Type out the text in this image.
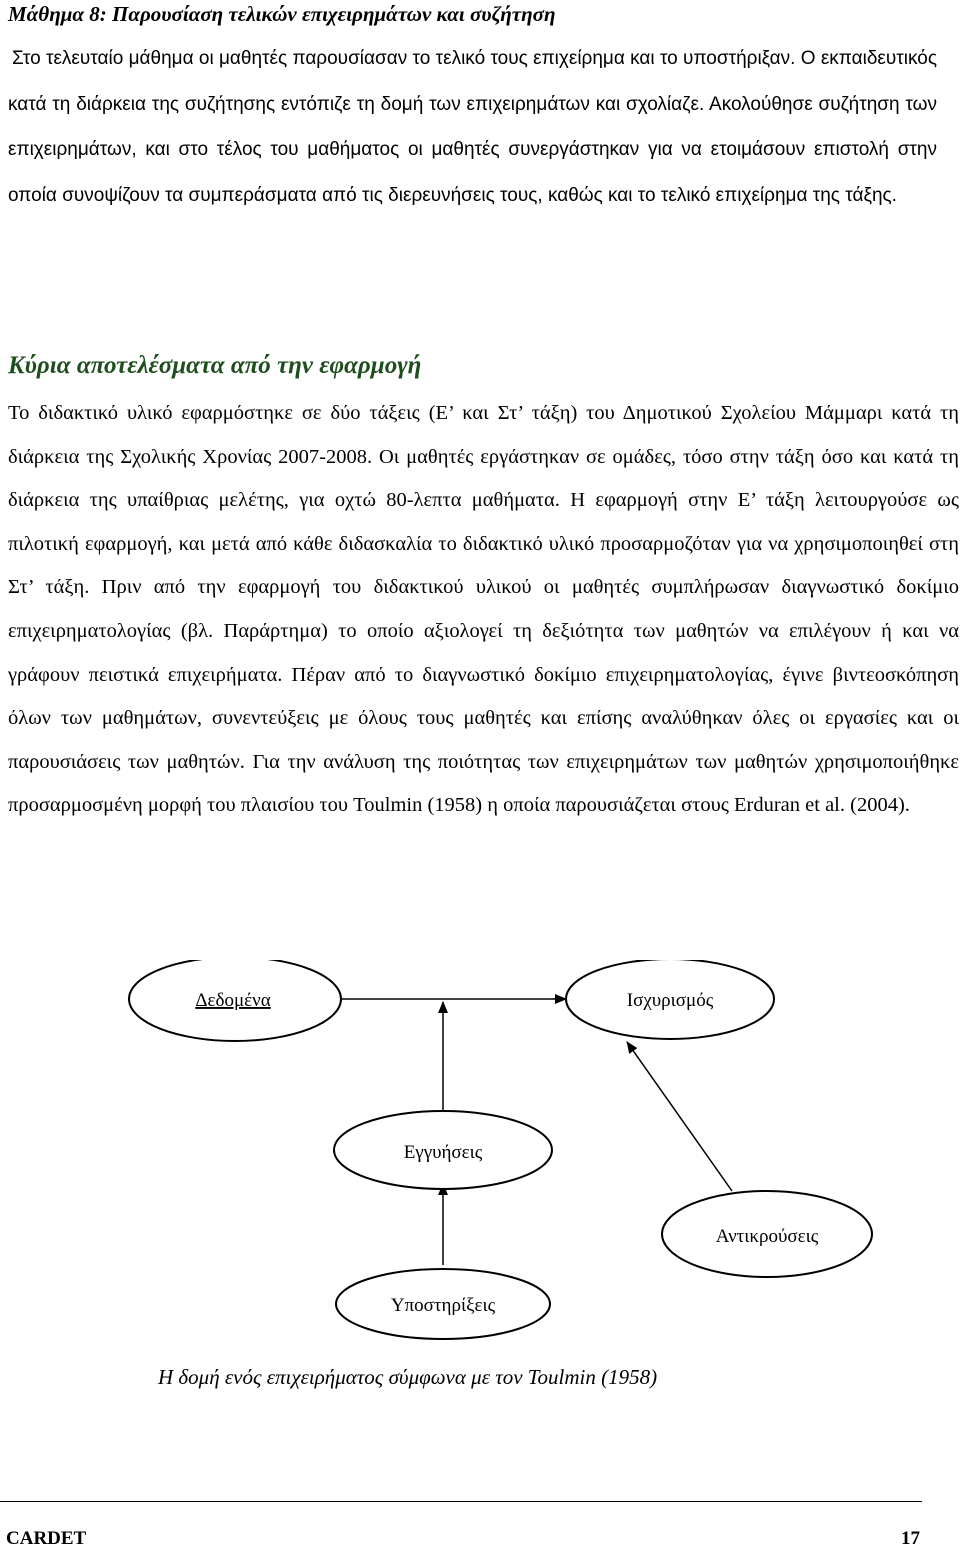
Μάθημα 8: Παρουσίαση τελικών επιχειρημάτων και συζήτηση

Στο τελευταίο μάθημα οι μαθητές παρουσίασαν το τελικό τους επιχείρημα και το υποστήριξαν. Ο εκπαιδευτικός κατά τη διάρκεια της συζήτησης εντόπιζε τη δομή των επιχειρημάτων και σχολίαζε. Ακολούθησε συζήτηση των επιχειρημάτων, και στο τέλος του μαθήματος οι μαθητές συνεργάστηκαν για να ετοιμάσουν επιστολή στην οποία συνοψίζουν τα συμπεράσματα από τις διερευνήσεις τους, καθώς και το τελικό επιχείρημα της τάξης.

Κύρια αποτελέσματα από την εφαρμογή

Το διδακτικό υλικό εφαρμόστηκε σε δύο τάξεις (Ε’ και Στ’ τάξη) του Δημοτικού Σχολείου Μάμμαρι κατά τη διάρκεια της Σχολικής Χρονίας 2007-2008. Οι μαθητές εργάστηκαν σε ομάδες, τόσο στην τάξη όσο και κατά τη διάρκεια της υπαίθριας μελέτης, για οχτώ 80-λεπτα μαθήματα. Η εφαρμογή στην Ε’ τάξη λειτουργούσε ως πιλοτική εφαρμογή, και μετά από κάθε διδασκαλία το διδακτικό υλικό προσαρμοζόταν για να χρησιμοποιηθεί στη Στ’ τάξη. Πριν από την εφαρμογή του διδακτικού υλικού οι μαθητές συμπλήρωσαν διαγνωστικό δοκίμιο επιχειρηματολογίας (βλ. Παράρτημα) το οποίο αξιολογεί τη δεξιότητα των μαθητών να επιλέγουν ή και να γράφουν πειστικά επιχειρήματα. Πέραν από το διαγνωστικό δοκίμιο επιχειρηματολογίας, έγινε βιντεοσκόπηση όλων των μαθημάτων, συνεντεύξεις με όλους τους μαθητές και επίσης αναλύθηκαν όλες οι εργασίες και οι παρουσιάσεις των μαθητών. Για την ανάλυση της ποιότητας των επιχειρημάτων των μαθητών χρησιμοποιήθηκε προσαρμοσμένη μορφή του πλαισίου του Toulmin (1958) η οποία παρουσιάζεται στους Erduran et al. (2004).

Δεδομένα	Ισχυρισμός
Εγγυήσεις
Αντικρούσεις
Υποστηρίξεις

Η δομή ενός επιχειρήματος σύμφωνα με τον Toulmin (1958)

CARDET	17
